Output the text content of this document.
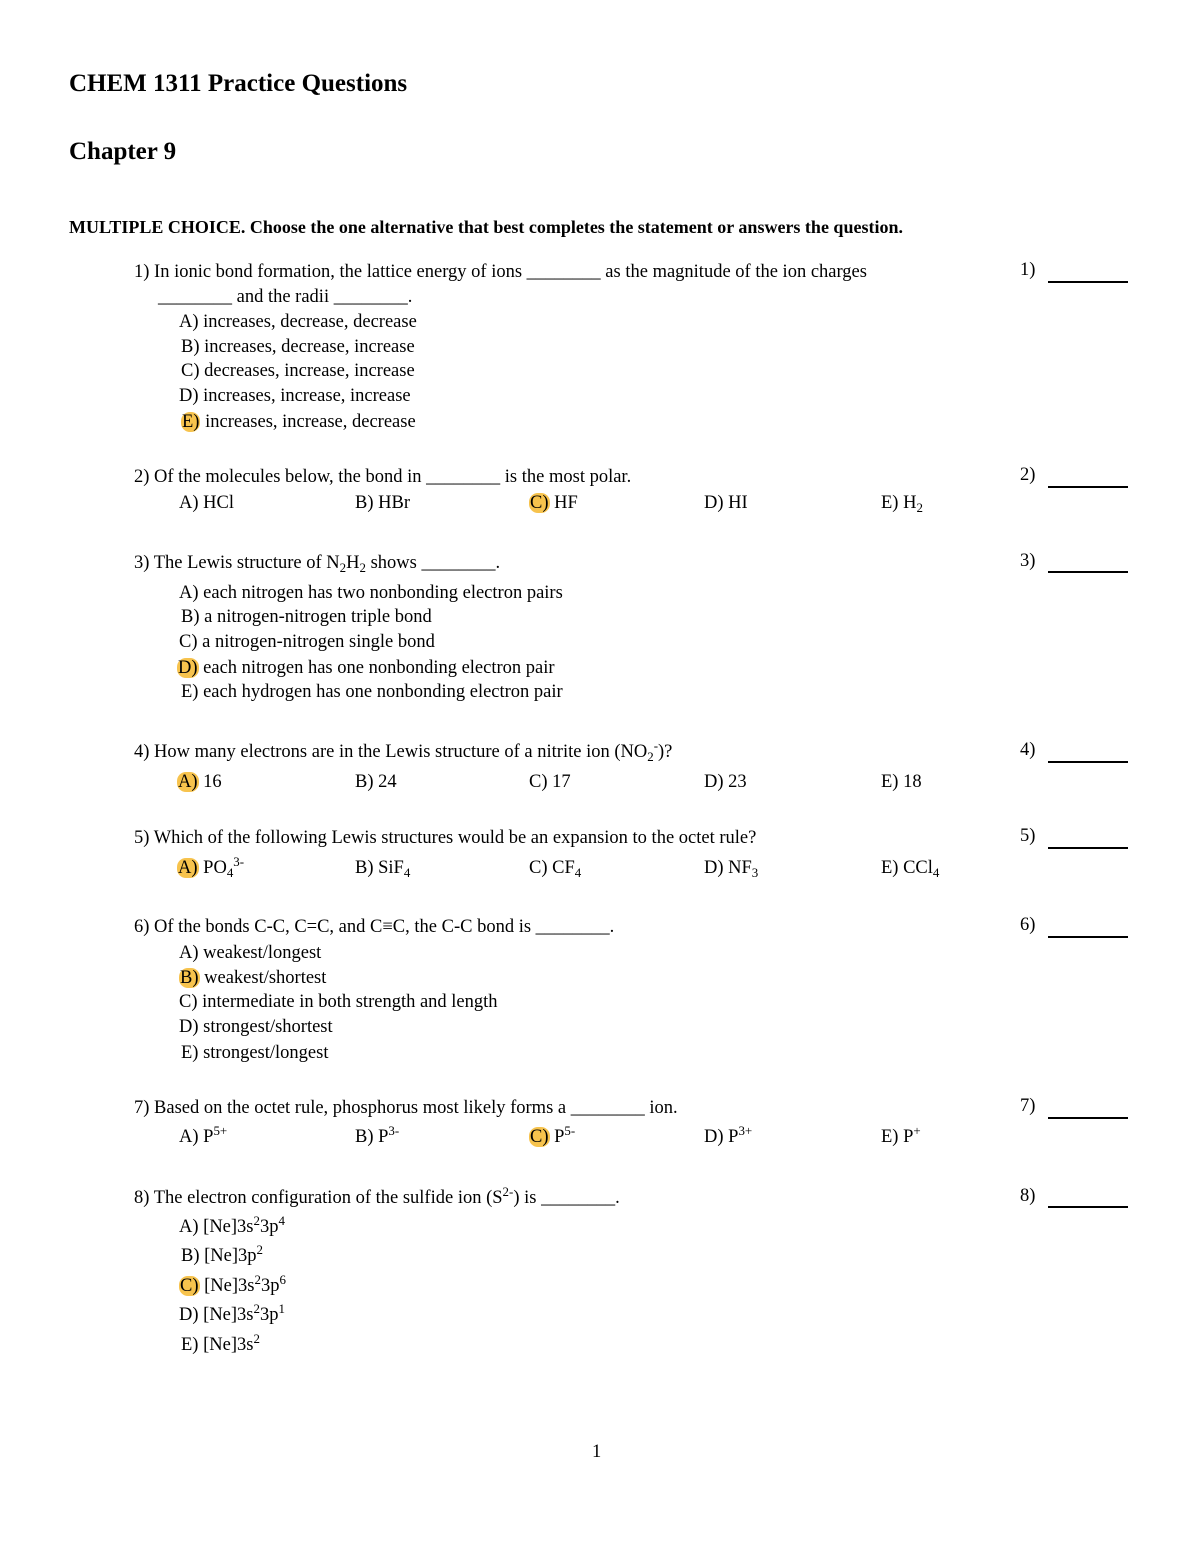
CHEM 1311 Practice Questions
Chapter 9
MULTIPLE CHOICE. Choose the one alternative that best completes the statement or answers the question.
1) In ionic bond formation, the lattice energy of ions ________ as the magnitude of the ion charges
________ and the radii ________.
1)
A) increases, decrease, decrease
B) increases, decrease, increase
C) decreases, increase, increase
D) increases, increase, increase
E) increases, increase, decrease
2) Of the molecules below, the bond in ________ is the most polar.	2)
A) HCl	B) HBr	C) HF	D) HI	E) $H_2$
3) The Lewis structure of $N_2H_2$ shows ________.	3)
A) each nitrogen has two nonbonding electron pairs
B) a nitrogen-nitrogen triple bond
C) a nitrogen-nitrogen single bond
D) each nitrogen has one nonbonding electron pair
E) each hydrogen has one nonbonding electron pair
4) How many electrons are in the Lewis structure of a nitrite ion $(NO_2^-)$?	4)
A) 16	B) 24	C) 17	D) 23	E) 18
5) Which of the following Lewis structures would be an expansion to the octet rule?	5)
A) $PO_4^{3-}$	B) SiF$_4$	C) $CF_4$	D) $NF_3$	E) CCl$_4$
6) Of the bonds C-C, C=C, and C≡C, the C-C bond is ________.	6)
A) weakest/longest
B) weakest/shortest
C) intermediate in both strength and length
D) strongest/shortest
E) strongest/longest
7) Based on the octet rule, phosphorus most likely forms a ________ ion.	7)
A) $P^{5+}$	B) $P^{3-}$	C) $P^{5-}$	D) $P^{3+}$	E) P+
8) The electron configuration of the sulfide ion $(S^{2-})$ is ________.	8)
A) $[Ne]3s^23p^4$
B) $[Ne]3p^2$
C) $[Ne]3s^23p^6$
D) $[Ne]3s^23p^1$
E) $[Ne]3s^2$
1
